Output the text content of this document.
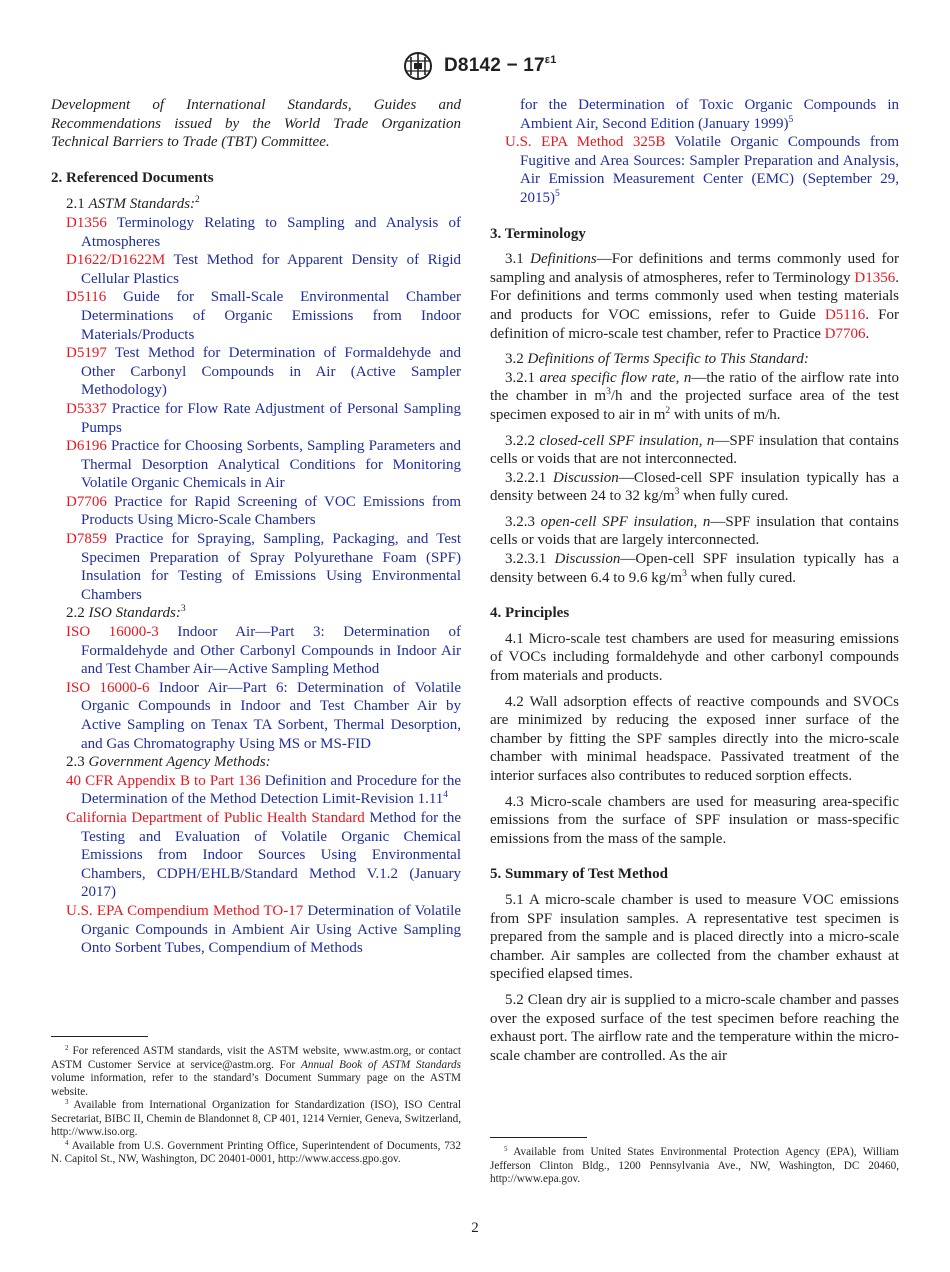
$D8142 - 17^{\varepsilon 1}$

Development of International Standards, Guides and Recommendations issued by the World Trade Organization Technical Barriers to Trade (TBT) Committee.

2. Referenced Documents

2.1 ASTM Standards:$^2$

D1356 Terminology Relating to Sampling and Analysis of Atmospheres

D1622/D1622M Test Method for Apparent Density of Rigid Cellular Plastics

D5116 Guide for Small-Scale Environmental Chamber Determinations of Organic Emissions from Indoor Materials/Products

D5197 Test Method for Determination of Formaldehyde and Other Carbonyl Compounds in Air (Active Sampler Methodology)

D5337 Practice for Flow Rate Adjustment of Personal Sampling Pumps

D6196 Practice for Choosing Sorbents, Sampling Parameters and Thermal Desorption Analytical Conditions for Monitoring Volatile Organic Chemicals in Air

D7706 Practice for Rapid Screening of VOC Emissions from Products Using Micro-Scale Chambers

D7859 Practice for Spraying, Sampling, Packaging, and Test Specimen Preparation of Spray Polyurethane Foam (SPF) Insulation for Testing of Emissions Using Environmental Chambers

2.2 ISO Standards:$^3$

ISO 16000-3 Indoor Air—Part 3: Determination of Formaldehyde and Other Carbonyl Compounds in Indoor Air and Test Chamber Air—Active Sampling Method

ISO 16000-6 Indoor Air—Part 6: Determination of Volatile Organic Compounds in Indoor and Test Chamber Air by Active Sampling on Tenax TA Sorbent, Thermal Desorption, and Gas Chromatography Using MS or MS-FID

2.3 Government Agency Methods:

40 CFR Appendix B to Part 136 Definition and Procedure for the Determination of the Method Detection Limit-Revision 1.11$^4$

California Department of Public Health Standard Method for the Testing and Evaluation of Volatile Organic Chemical Emissions from Indoor Sources Using Environmental Chambers, CDPH/EHLB/Standard Method V.1.2 (January 2017)

U.S. EPA Compendium Method TO-17 Determination of Volatile Organic Compounds in Ambient Air Using Active Sampling Onto Sorbent Tubes, Compendium of Methods

$^2$ For referenced ASTM standards, visit the ASTM website, www.astm.org, or contact ASTM Customer Service at service@astm.org. For Annual Book of ASTM Standards volume information, refer to the standard’s Document Summary page on the ASTM website.

$^3$ Available from International Organization for Standardization (ISO), ISO Central Secretariat, BIBC II, Chemin de Blandonnet 8, CP 401, 1214 Vernier, Geneva, Switzerland, http://www.iso.org.

$^4$ Available from U.S. Government Printing Office, Superintendent of Documents, 732 N. Capitol St., NW, Washington, DC 20401-0001, http://www.access.gpo.gov.

for the Determination of Toxic Organic Compounds in Ambient Air, Second Edition (January 1999)$^5$

U.S. EPA Method 325B Volatile Organic Compounds from Fugitive and Area Sources: Sampler Preparation and Analysis, Air Emission Measurement Center (EMC) (September 29, 2015)$^5$

3. Terminology

3.1 Definitions—For definitions and terms commonly used for sampling and analysis of atmospheres, refer to Terminology D1356. For definitions and terms commonly used when testing materials and products for VOC emissions, refer to Guide D5116. For definition of micro-scale test chamber, refer to Practice D7706.

3.2 Definitions of Terms Specific to This Standard:

3.2.1 area specific flow rate, n—the ratio of the airflow rate into the chamber in $m^3/h$ and the projected surface area of the test specimen exposed to air in $m^2$ with units of m/h.

3.2.2 closed-cell SPF insulation, n—SPF insulation that contains cells or voids that are not interconnected.

3.2.2.1 Discussion—Closed-cell SPF insulation typically has a density between 24 to 32 $kg/m^3$ when fully cured.

3.2.3 open-cell SPF insulation, n—SPF insulation that contains cells or voids that are largely interconnected.

3.2.3.1 Discussion—Open-cell SPF insulation typically has a density between 6.4 to 9.6 $kg/m^3$ when fully cured.

4. Principles

4.1 Micro-scale test chambers are used for measuring emissions of VOCs including formaldehyde and other carbonyl compounds from materials and products.

4.2 Wall adsorption effects of reactive compounds and SVOCs are minimized by reducing the exposed inner surface of the chamber by fitting the SPF samples directly into the micro-scale chamber with minimal headspace. Passivated treatment of the interior surfaces also contributes to reduced sorption effects.

4.3 Micro-scale chambers are used for measuring area-specific emissions from the surface of SPF insulation or mass-specific emissions from the mass of the sample.

5. Summary of Test Method

5.1 A micro-scale chamber is used to measure VOC emissions from SPF insulation samples. A representative test specimen is prepared from the sample and is placed directly into a micro-scale chamber. Air samples are collected from the chamber exhaust at specified elapsed times.

5.2 Clean dry air is supplied to a micro-scale chamber and passes over the exposed surface of the test specimen before reaching the exhaust port. The airflow rate and the temperature within the micro-scale chamber are controlled. As the air

$^5$ Available from United States Environmental Protection Agency (EPA), William Jefferson Clinton Bldg., 1200 Pennsylvania Ave., NW, Washington, DC 20460, http://www.epa.gov.

2
